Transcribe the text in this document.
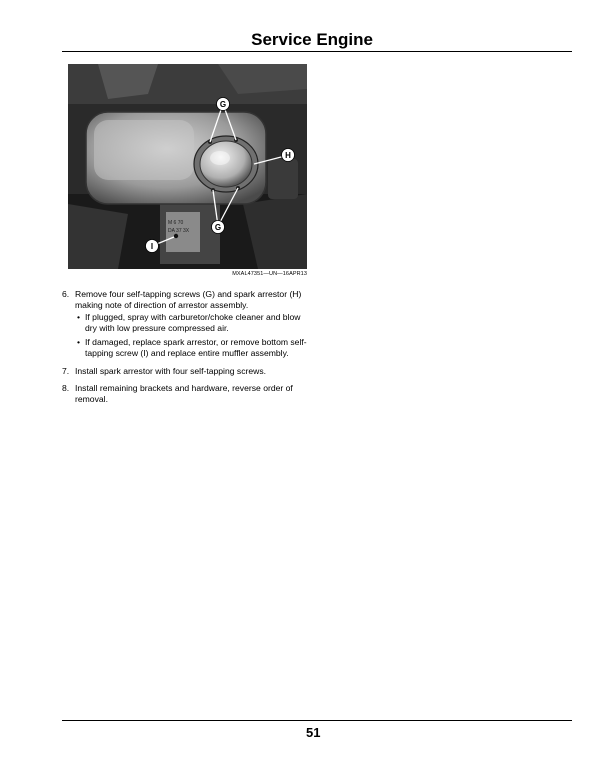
Service Engine
M 6 70
DA 37 3X
G
H
G
I
MXAL47351—UN—16APR13
6. Remove four self-tapping screws (G) and spark arrestor (H) making note of direction of arrestor assembly.
• If plugged, spray with carburetor/choke cleaner and blow dry with low pressure compressed air.
• If damaged, replace spark arrestor, or remove bottom self-tapping screw (I) and replace entire muffler assembly.
7. Install spark arrestor with four self-tapping screws.
8. Install remaining brackets and hardware, reverse order of removal.
51
